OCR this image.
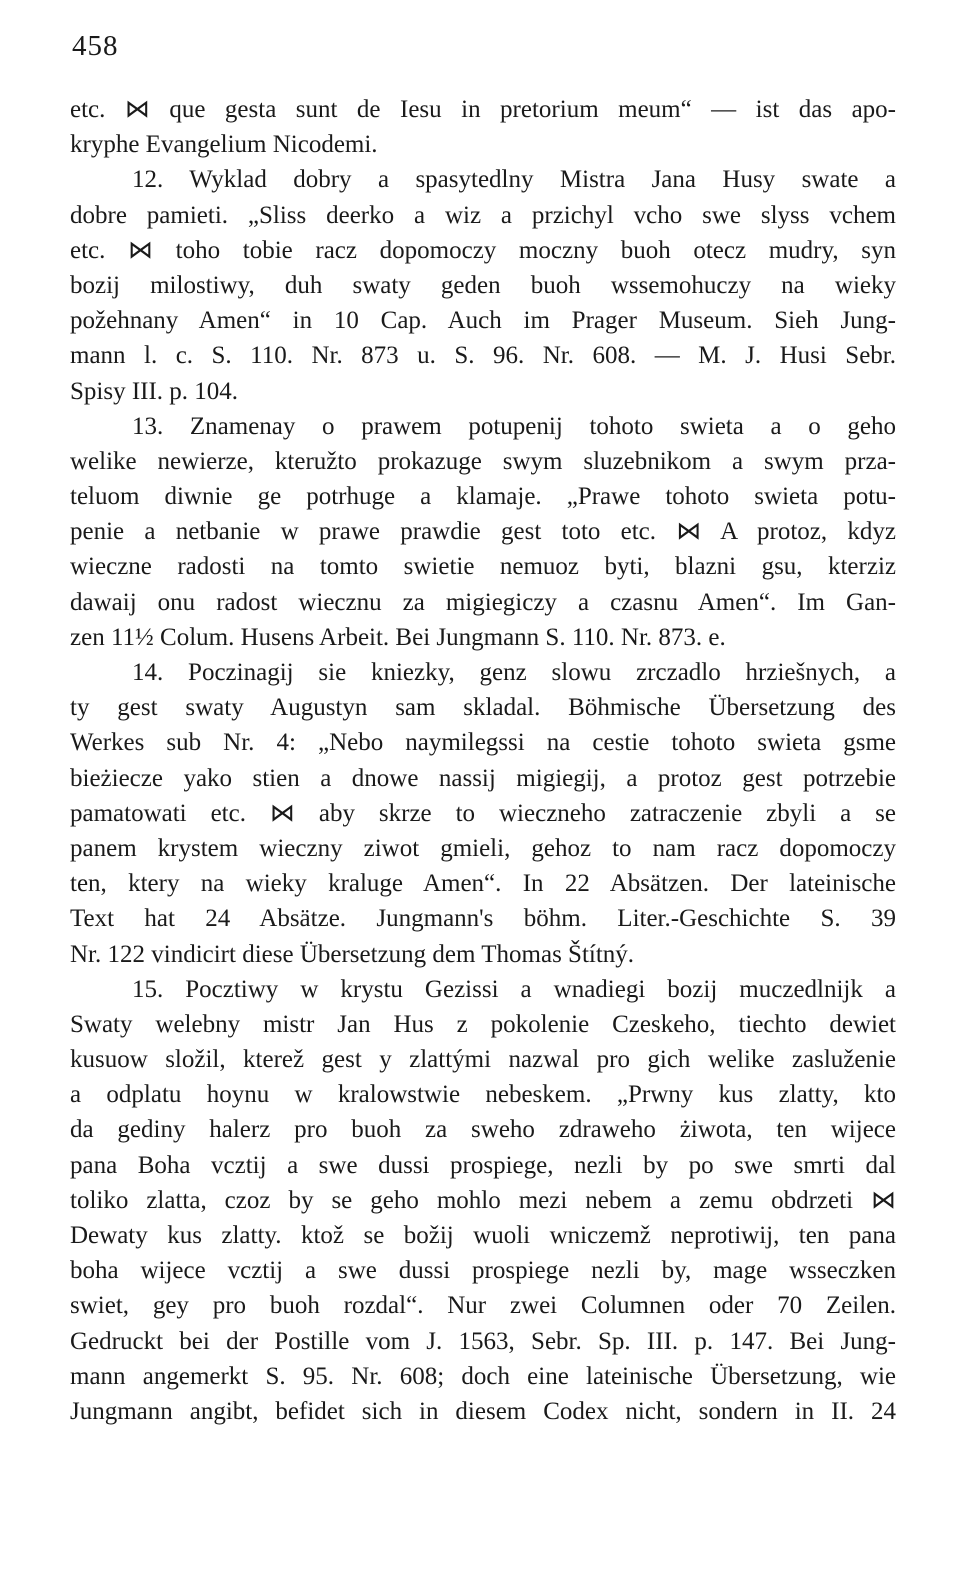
458
etc. ⋈ que gesta sunt de Iesu in pretorium meum“ — ist das apo-
kryphe Evangelium Nicodemi.
12. Wyklad dobry a spasytedlny Mistra Jana Husy swate a
dobre pamieti. „Sliss deerko a wiz a przichyl vcho swe slyss vchem
etc. ⋈ toho tobie racz dopomoczy moczny buoh otecz mudry, syn
bozij milostiwy, duh swaty geden buoh wssemohuczy na wieky
požehnany Amen“ in 10 Cap. Auch im Prager Museum. Sieh Jung-
mann l. c. S. 110. Nr. 873 u. S. 96. Nr. 608. — M. J. Husi Sebr.
Spisy III. p. 104.
13. Znamenay o prawem potupenij tohoto swieta a o geho
welike newierze, kteružto prokazuge swym sluzebnikom a swym prza-
teluom diwnie ge potrhuge a klamaje. „Prawe tohoto swieta potu-
penie a netbanie w prawe prawdie gest toto etc. ⋈ A protoz, kdyz
wieczne radosti na tomto swietie nemuoz byti, blazni gsu, kterziz
dawaij onu radost wiecznu za migiegiczy a czasnu Amen“. Im Gan-
zen 11½ Colum. Husens Arbeit. Bei Jungmann S. 110. Nr. 873. e.
14. Poczinagij sie kniezky, genz slowu zrczadlo hrziešnych, a
ty gest swaty Augustyn sam skladal. Böhmische Übersetzung des
Werkes sub Nr. 4: „Nebo naymilegssi na cestie tohoto swieta gsme
bieżiecze yako stien a dnowe nassij migiegij, a protoz gest potrzebie
pamatowati etc. ⋈ aby skrze to wieczneho zatraczenie zbyli a se
panem krystem wieczny ziwot gmieli, gehoz to nam racz dopomoczy
ten, ktery na wieky kraluge Amen“. In 22 Absätzen. Der lateinische
Text hat 24 Absätze. Jungmann's böhm. Liter.-Geschichte S. 39
Nr. 122 vindicirt diese Übersetzung dem Thomas Štítný.
15. Pocztiwy w krystu Gezissi a wnadiegi bozij muczedlnijk a
Swaty welebny mistr Jan Hus z pokolenie Czeskeho, tiechto dewiet
kusuow složil, kterež gest y zlattými nazwal pro gich welike zasluženie
a odplatu hoynu w kralowstwie nebeskem. „Prwny kus zlatty, kto
da gediny halerz pro buoh za sweho zdraweho żiwota, ten wijece
pana Boha vcztij a swe dussi prospiege, nezli by po swe smrti dal
toliko zlatta, czoz by se geho mohlo mezi nebem a zemu obdrzeti ⋈
Dewaty kus zlatty. ktož se božij wuoli wniczemž neprotiwij, ten pana
boha wijece vcztij a swe dussi prospiege nezli by, mage wsseczken
swiet, gey pro buoh rozdal“. Nur zwei Columnen oder 70 Zeilen.
Gedruckt bei der Postille vom J. 1563, Sebr. Sp. III. p. 147. Bei Jung-
mann angemerkt S. 95. Nr. 608; doch eine lateinische Übersetzung, wie
Jungmann angibt, befidet sich in diesem Codex nicht, sondern in II. 24
